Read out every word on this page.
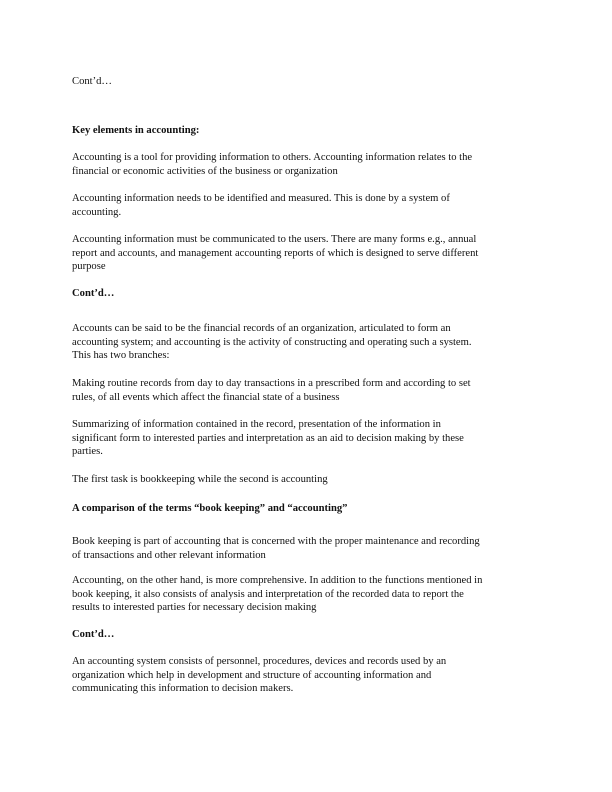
Cont’d…
Key elements in accounting:
Accounting is a tool for providing information to others. Accounting information relates to the
financial or economic activities of the business or organization
Accounting information needs to be identified and measured. This is done by a system of
accounting.
Accounting information must be communicated to the users. There are many forms e.g., annual
report and accounts, and management accounting reports of which is designed to serve different
purpose
Cont’d…
Accounts can be said to be the financial records of an organization, articulated to form an
accounting system; and accounting is the activity of constructing and operating such a system.
This has two branches:
Making routine records from day to day transactions in a prescribed form and according to set
rules, of all events which affect the financial state of a business
Summarizing of information contained in the record, presentation of the information in
significant form to interested parties and interpretation as an aid to decision making by these
parties.
The first task is bookkeeping while the second is accounting
A comparison of the terms “book keeping” and “accounting”
Book keeping is part of accounting that is concerned with the proper maintenance and recording
of transactions and other relevant information
Accounting, on the other hand, is more comprehensive. In addition to the functions mentioned in
book keeping, it also consists of analysis and interpretation of the recorded data to report the
results to interested parties for necessary decision making
Cont’d…
An accounting system consists of personnel, procedures, devices and records used by an
organization which help in development and structure of accounting information and
communicating this information to decision makers.
